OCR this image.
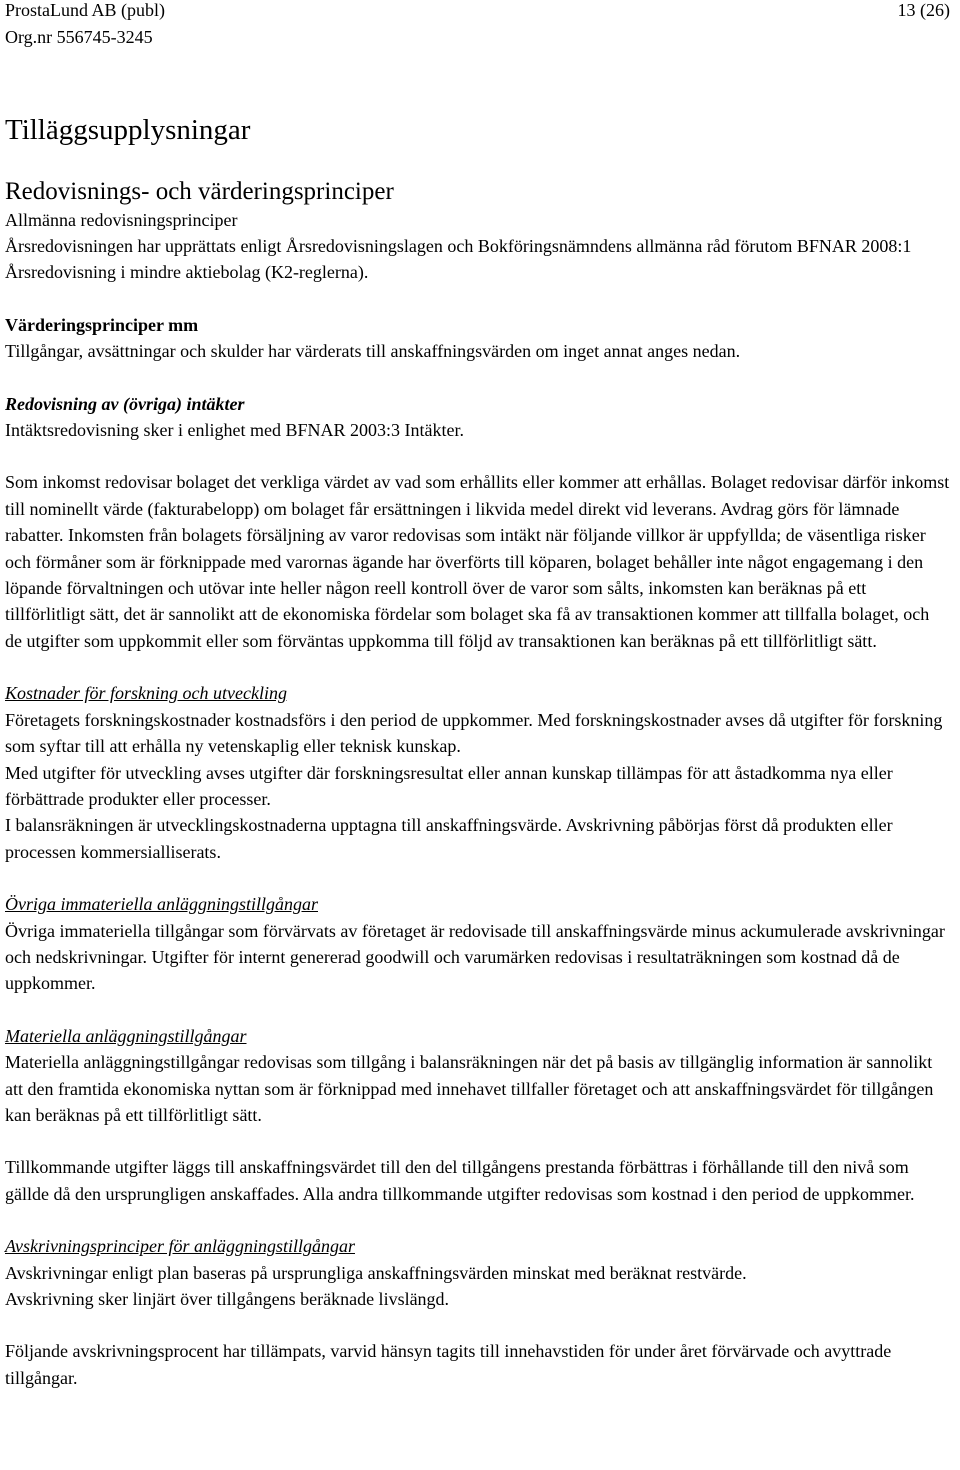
ProstaLund AB (publ)
Org.nr 556745-3245
13 (26)
Tilläggsupplysningar
Redovisnings- och värderingsprinciper
Allmänna redovisningsprinciper

Årsredovisningen har upprättats enligt Årsredovisningslagen och Bokföringsnämndens allmänna råd förutom BFNAR 2008:1 Årsredovisning i mindre aktiebolag (K2-reglerna).

Värderingsprinciper mm

Tillgångar, avsättningar och skulder har värderats till anskaffningsvärden om inget annat anges nedan.

Redovisning av (övriga) intäkter

Intäktsredovisning sker i enlighet med BFNAR 2003:3 Intäkter.

Som inkomst redovisar bolaget det verkliga värdet av vad som erhållits eller kommer att erhållas. Bolaget redovisar därför inkomst till nominellt värde (fakturabelopp) om bolaget får ersättningen i likvida medel direkt vid leverans. Avdrag görs för lämnade rabatter. Inkomsten från bolagets försäljning av varor redovisas som intäkt när följande villkor är uppfyllda; de väsentliga risker och förmåner som är förknippade med varornas ägande har överförts till köparen, bolaget behåller inte något engagemang i den löpande förvaltningen och utövar inte heller någon reell kontroll över de varor som sålts, inkomsten kan beräknas på ett tillförlitligt sätt, det är sannolikt att de ekonomiska fördelar som bolaget ska få av transaktionen kommer att tillfalla bolaget, och de utgifter som uppkommit eller som förväntas uppkomma till följd av transaktionen kan beräknas på ett tillförlitligt sätt.

Kostnader för forskning och utveckling

Företagets forskningskostnader kostnadsförs i den period de uppkommer. Med forskningskostnader avses då utgifter för forskning som syftar till att erhålla ny vetenskaplig eller teknisk kunskap.

Med utgifter för utveckling avses utgifter där forskningsresultat eller annan kunskap tillämpas för att åstadkomma nya eller förbättrade produkter eller processer.

I balansräkningen är utvecklingskostnaderna upptagna till anskaffningsvärde. Avskrivning påbörjas först då produkten eller processen kommersialliserats.

Övriga immateriella anläggningstillgångar

Övriga immateriella tillgångar som förvärvats av företaget är redovisade till anskaffningsvärde minus ackumulerade avskrivningar och nedskrivningar. Utgifter för internt genererad goodwill och varumärken redovisas i resultaträkningen som kostnad då de uppkommer.

Materiella anläggningstillgångar

Materiella anläggningstillgångar redovisas som tillgång i balansräkningen när det på basis av tillgänglig information är sannolikt att den framtida ekonomiska nyttan som är förknippad med innehavet tillfaller företaget och att anskaffningsvärdet för tillgången kan beräknas på ett tillförlitligt sätt.

Tillkommande utgifter läggs till anskaffningsvärdet till den del tillgångens prestanda förbättras i förhållande till den nivå som gällde då den ursprungligen anskaffades. Alla andra tillkommande utgifter redovisas som kostnad i den period de uppkommer.

Avskrivningsprinciper för anläggningstillgångar

Avskrivningar enligt plan baseras på ursprungliga anskaffningsvärden minskat med beräknat restvärde.

Avskrivning sker linjärt över tillgångens beräknade livslängd.

Följande avskrivningsprocent har tillämpats, varvid hänsyn tagits till innehavstiden för under året förvärvade och avyttrade tillgångar.
